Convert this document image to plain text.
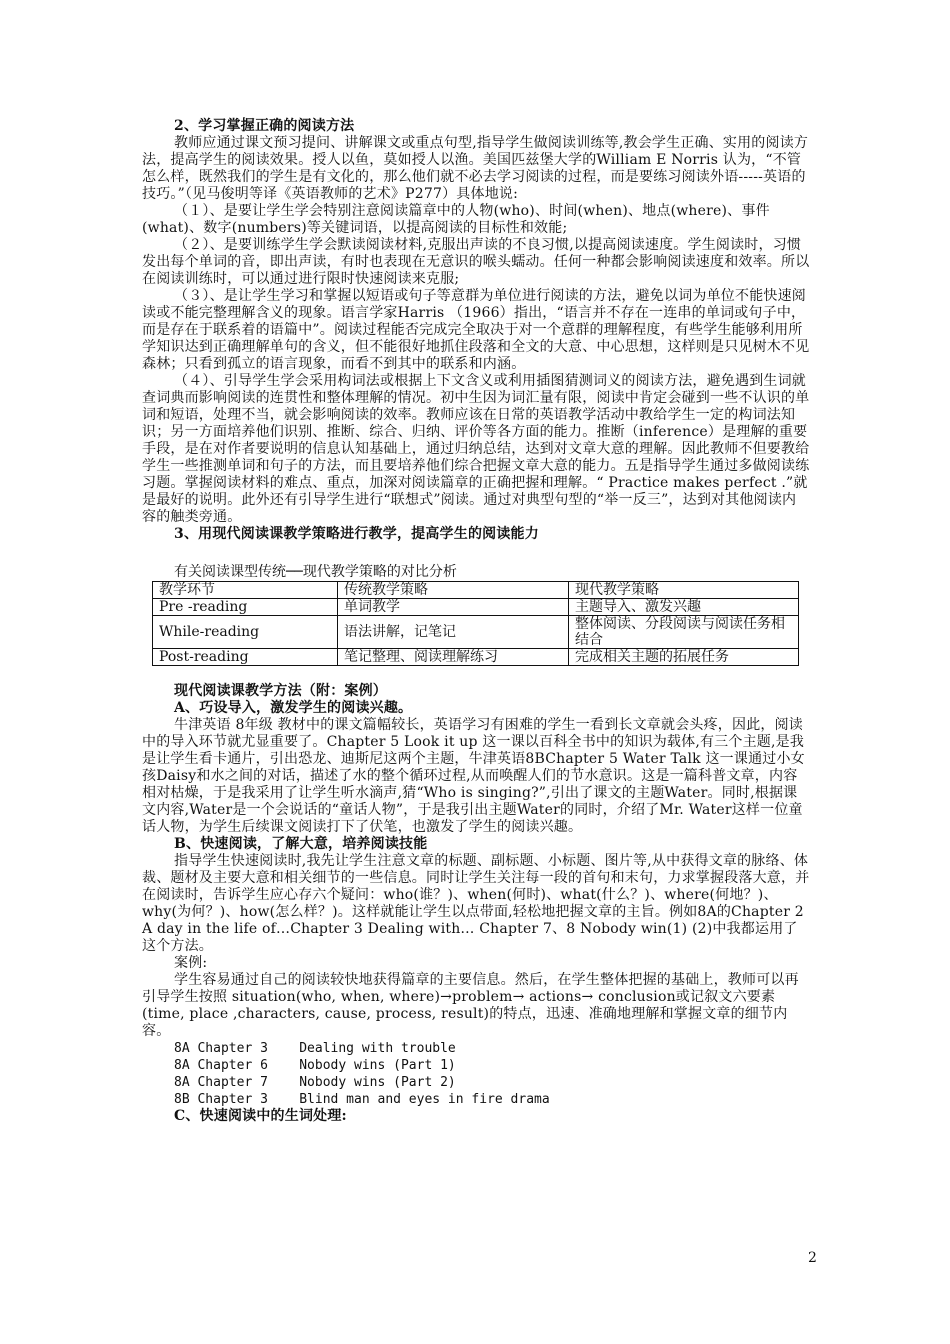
2、学习掌握正确的阅读方法

教师应通过课文预习提问、讲解课文或重点句型,指导学生做阅读训练等,教会学生正确、实用的阅读方法，提高学生的阅读效果。授人以鱼，莫如授人以渔。美国匹兹堡大学的William E Norris 认为，“不管怎么样，既然我们的学生是有文化的，那么他们就不必去学习阅读的过程，而是要练习阅读外语-----英语的技巧。”（见马俊明等译《英语教师的艺术》P277）具体地说:

（１）、是要让学生学会特别注意阅读篇章中的人物(who)、时间(when)、地点(where)、事件(what)、数字(numbers)等关键词语，以提高阅读的目标性和效能;

（２）、是要训练学生学会默读阅读材料,克服出声读的不良习惯,以提高阅读速度。学生阅读时，习惯发出每个单词的音，即出声读，有时也表现在无意识的喉头蠕动。任何一种都会影响阅读速度和效率。所以在阅读训练时，可以通过进行限时快速阅读来克服;

（３）、是让学生学习和掌握以短语或句子等意群为单位进行阅读的方法，避免以词为单位不能快速阅读或不能完整理解含义的现象。语言学家Harris （1966）指出，“语言并不存在一连串的单词或句子中，而是存在于联系着的语篇中”。阅读过程能否完成完全取决于对一个意群的理解程度，有些学生能够利用所学知识达到正确理解单句的含义，但不能很好地抓住段落和全文的大意、中心思想，这样则是只见树木不见森林；只看到孤立的语言现象，而看不到其中的联系和内涵。

（４）、引导学生学会采用构词法或根据上下文含义或利用插图猜测词义的阅读方法，避免遇到生词就查词典而影响阅读的连贯性和整体理解的情况。初中生因为词汇量有限，阅读中肯定会碰到一些不认识的单词和短语，处理不当，就会影响阅读的效率。教师应该在日常的英语教学活动中教给学生一定的构词法知识；另一方面培养他们识别、推断、综合、归纳、评价等各方面的能力。推断（inference）是理解的重要手段，是在对作者要说明的信息认知基础上，通过归纳总结，达到对文章大意的理解。因此教师不但要教给学生一些推测单词和句子的方法，而且要培养他们综合把握文章大意的能力。五是指导学生通过多做阅读练习题。掌握阅读材料的难点、重点，加深对阅读篇章的正确把握和理解。“ Practice makes perfect .”就是最好的说明。此外还有引导学生进行“联想式”阅读。通过对典型句型的“举一反三”，达到对其他阅读内容的触类旁通。

3、用现代阅读课教学策略进行教学，提高学生的阅读能力

有关阅读课型传统──现代教学策略的对比分析

教学环节	传统教学策略	现代教学策略
Pre -reading	单词教学	主题导入、激发兴趣
While-reading	语法讲解，记笔记	整体阅读、分段阅读与阅读任务相结合
Post-reading	笔记整理、阅读理解练习	完成相关主题的拓展任务

现代阅读课教学方法（附：案例）

A、巧设导入，激发学生的阅读兴趣。

牛津英语 8年级 教材中的课文篇幅较长，英语学习有困难的学生一看到长文章就会头疼，因此，阅读中的导入环节就尤显重要了。Chapter 5 Look it up 这一课以百科全书中的知识为载体,有三个主题,是我是让学生看卡通片，引出恐龙、迪斯尼这两个主题，牛津英语8BChapter 5 Water Talk 这一课通过小女孩Daisy和水之间的对话，描述了水的整个循环过程,从而唤醒人们的节水意识。这是一篇科普文章，内容相对枯燥，于是我采用了让学生听水滴声,猜“Who is singing?”,引出了课文的主题Water。同时,根据课文内容,Water是一个会说话的“童话人物”，于是我引出主题Water的同时，介绍了Mr. Water这样一位童话人物，为学生后续课文阅读打下了伏笔，也激发了学生的阅读兴趣。

B、快速阅读，了解大意，培养阅读技能

指导学生快速阅读时,我先让学生注意文章的标题、副标题、小标题、图片等,从中获得文章的脉络、体裁、题材及主要大意和相关细节的一些信息。同时让学生关注每一段的首句和末句，力求掌握段落大意，并在阅读时，告诉学生应心存六个疑问：who(谁？)、when(何时)、what(什么？)、where(何地？)、why(为何？)、how(怎么样？)。这样就能让学生以点带面,轻松地把握文章的主旨。例如8A的Chapter 2 A day in the life of…Chapter 3 Dealing with… Chapter 7、8 Nobody win(1) (2)中我都运用了这个方法。

案例:

学生容易通过自己的阅读较快地获得篇章的主要信息。然后，在学生整体把握的基础上，教师可以再引导学生按照 situation(who, when, where)→problem→ actions→ conclusion或记叙文六要素(time, place ,characters, cause, process, result)的特点，迅速、准确地理解和掌握文章的细节内容。

8A Chapter 3    Dealing with trouble
8A Chapter 6    Nobody wins (Part 1)
8A Chapter 7    Nobody wins (Part 2)
8B Chapter 3    Blind man and eyes in fire drama

C、快速阅读中的生词处理:

2
